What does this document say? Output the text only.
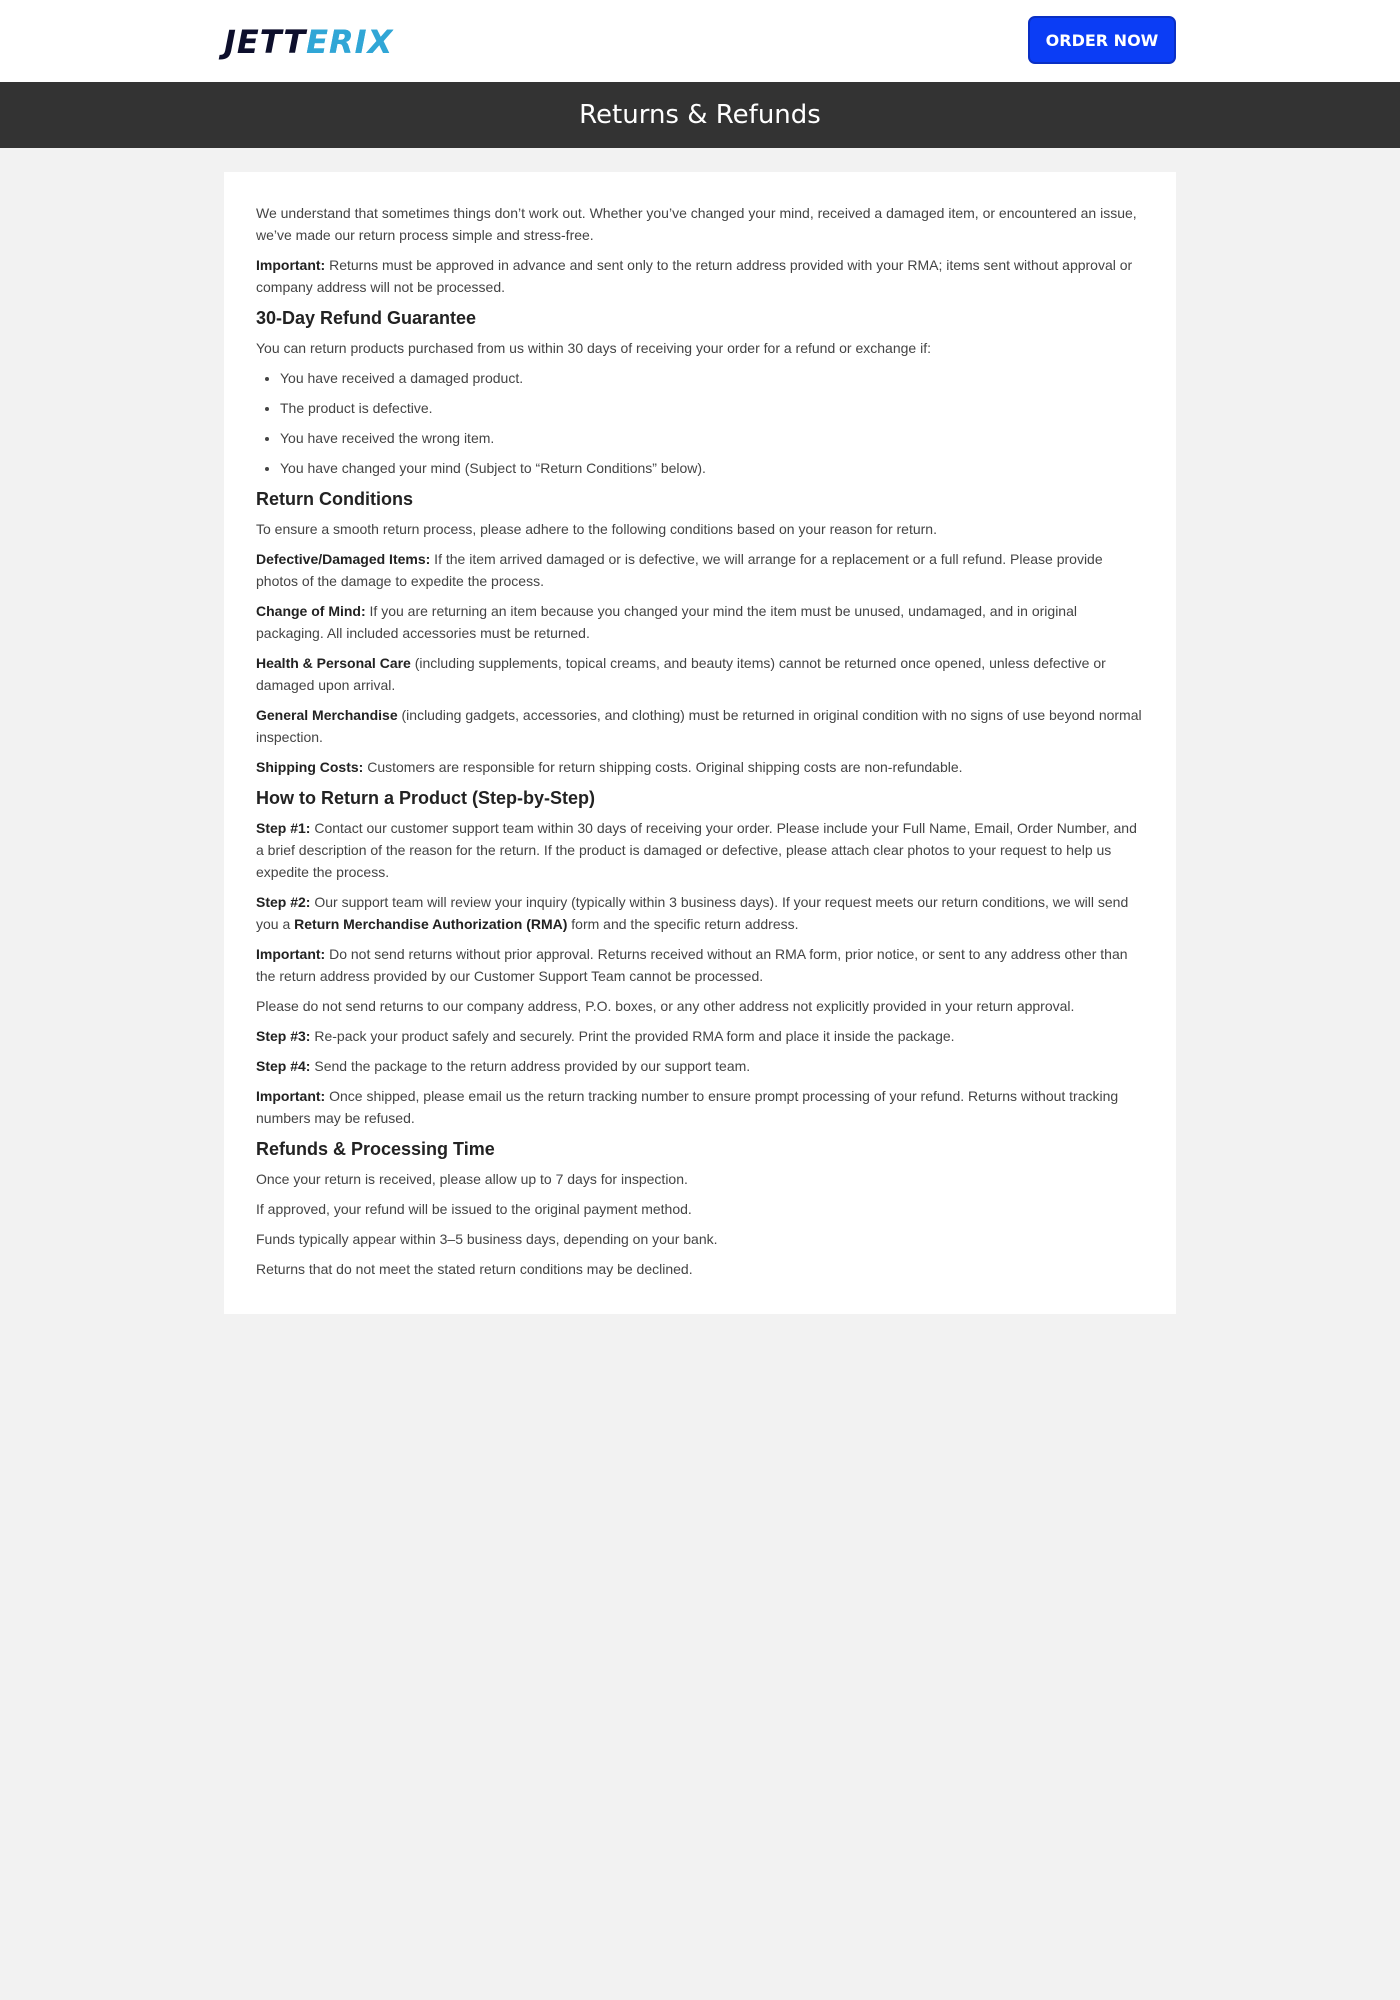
JETT ERIX	ORDER NOW
Returns & Refunds

We understand that sometimes things don’t work out. Whether you’ve changed your mind, received a damaged item, or encountered an issue, we’ve made our return process simple and stress-free.

Important: Returns must be approved in advance and sent only to the return address provided with your RMA; items sent without approval or company address will not be processed.

30-Day Refund Guarantee

You can return products purchased from us within 30 days of receiving your order for a refund or exchange if:

• You have received a damaged product.
• The product is defective.
• You have received the wrong item.
• You have changed your mind (Subject to “Return Conditions” below).
Return Conditions

To ensure a smooth return process, please adhere to the following conditions based on your reason for return.

Defective/Damaged Items: If the item arrived damaged or is defective, we will arrange for a replacement or a full refund. Please provide photos of the damage to expedite the process.

Change of Mind: If you are returning an item because you changed your mind the item must be unused, undamaged, and in original packaging. All included accessories must be returned.

Health & Personal Care (including supplements, topical creams, and beauty items) cannot be returned once opened, unless defective or damaged upon arrival.

General Merchandise (including gadgets, accessories, and clothing) must be returned in original condition with no signs of use beyond normal inspection.

Shipping Costs: Customers are responsible for return shipping costs. Original shipping costs are non-refundable.

How to Return a Product (Step-by-Step)

Step #1: Contact our customer support team within 30 days of receiving your order. Please include your Full Name, Email, Order Number, and a brief description of the reason for the return. If the product is damaged or defective, please attach clear photos to your request to help us expedite the process.

Step #2: Our support team will review your inquiry (typically within 3 business days). If your request meets our return conditions, we will send you a Return Merchandise Authorization (RMA) form and the specific return address.

Important: Do not send returns without prior approval. Returns received without an RMA form, prior notice, or sent to any address other than the return address provided by our Customer Support Team cannot be processed.

Please do not send returns to our company address, P.O. boxes, or any other address not explicitly provided in your return approval.

Step #3: Re-pack your product safely and securely. Print the provided RMA form and place it inside the package.

Step #4: Send the package to the return address provided by our support team.

Important: Once shipped, please email us the return tracking number to ensure prompt processing of your refund. Returns without tracking numbers may be refused.

Refunds & Processing Time

Once your return is received, please allow up to 7 days for inspection.

If approved, your refund will be issued to the original payment method.

Funds typically appear within 3–5 business days, depending on your bank.

Returns that do not meet the stated return conditions may be declined.
